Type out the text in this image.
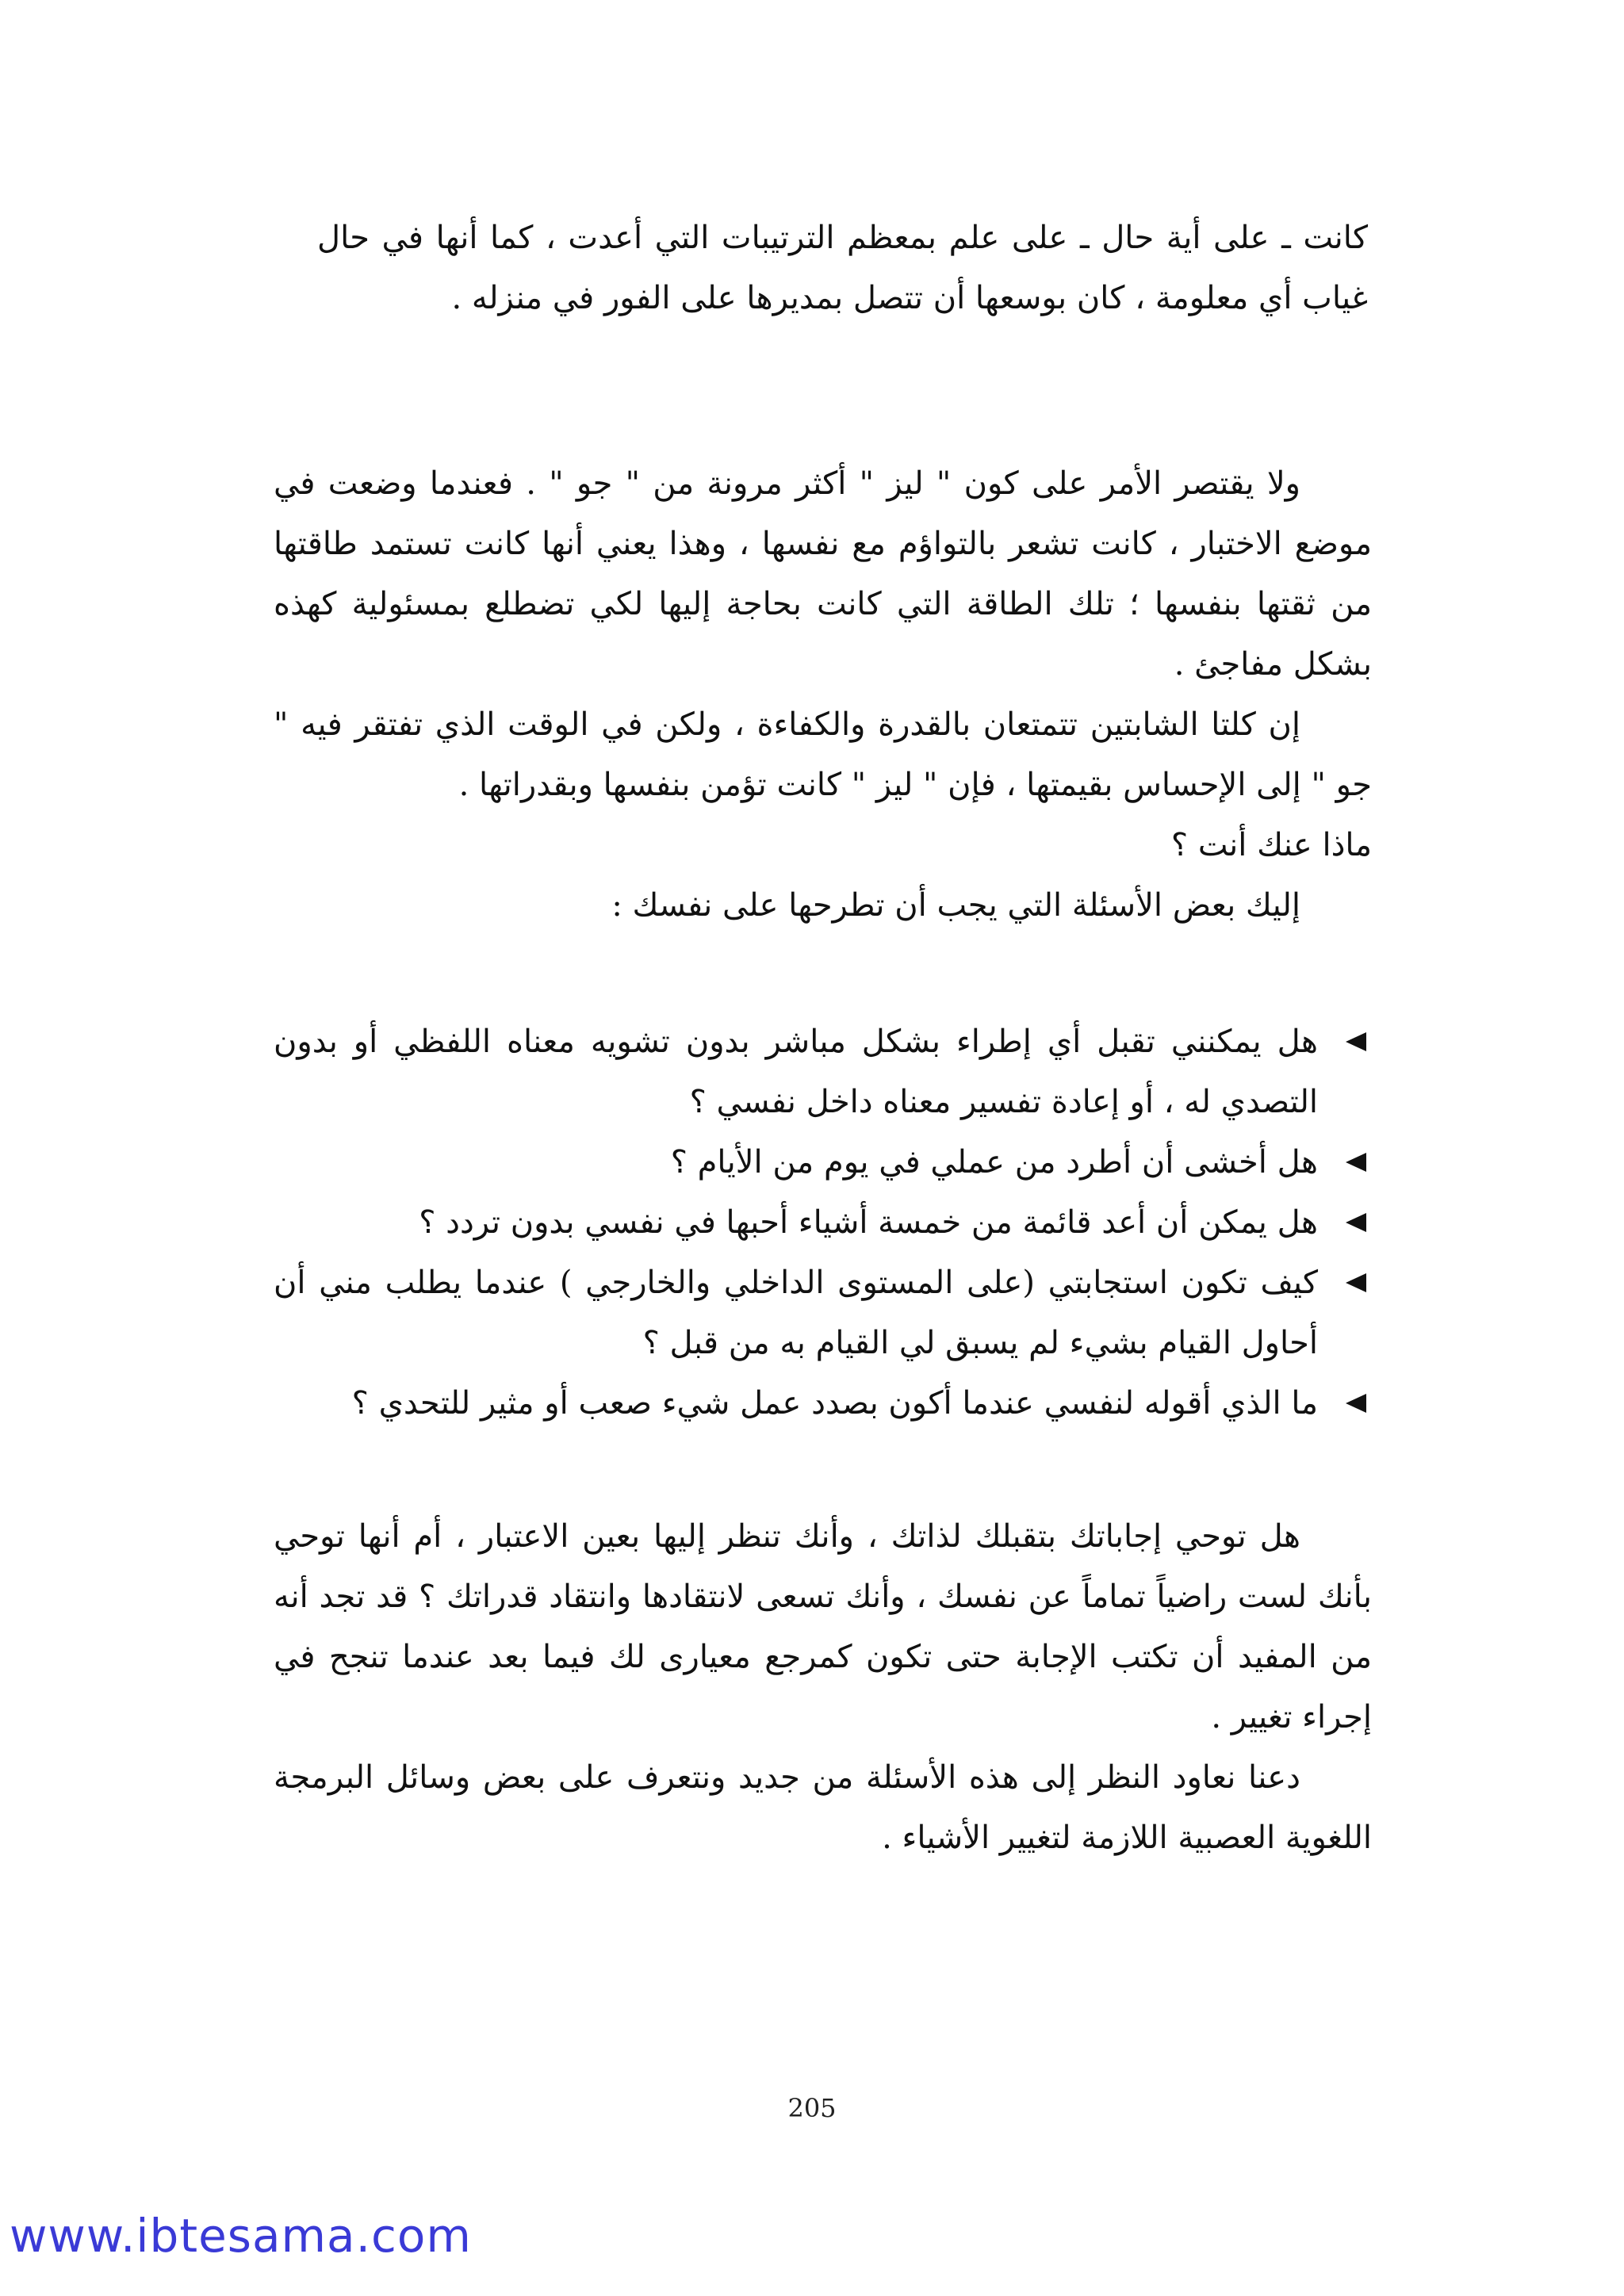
كانت ـ على أية حال ـ على علم بمعظم الترتيبات التي أعدت ، كما أنها في حال غياب أي معلومة ، كان بوسعها أن تتصل بمديرها على الفور في منزله .

ولا يقتصر الأمر على كون " ليز " أكثر مرونة من " جو " . فعندما وضعت في موضع الاختبار ، كانت تشعر بالتواؤم مع نفسها ، وهذا يعني أنها كانت تستمد طاقتها من ثقتها بنفسها ؛ تلك الطاقة التي كانت بحاجة إليها لكي تضطلع بمسئولية كهذه بشكل مفاجئ .

إن كلتا الشابتين تتمتعان بالقدرة والكفاءة ، ولكن في الوقت الذي تفتقر فيه " جو " إلى الإحساس بقيمتها ، فإن " ليز " كانت تؤمن بنفسها وبقدراتها .

ماذا عنك أنت ؟

إليك بعض الأسئلة التي يجب أن تطرحها على نفسك :

هل يمكنني تقبل أي إطراء بشكل مباشر بدون تشويه معناه اللفظي أو بدون التصدي له ، أو إعادة تفسير معناه داخل نفسي ؟
هل أخشى أن أطرد من عملي في يوم من الأيام ؟
هل يمكن أن أعد قائمة من خمسة أشياء أحبها في نفسي بدون تردد ؟
كيف تكون استجابتي (على المستوى الداخلي والخارجي ) عندما يطلب مني أن أحاول القيام بشيء لم يسبق لي القيام به من قبل ؟
ما الذي أقوله لنفسي عندما أكون بصدد عمل شيء صعب أو مثير للتحدي ؟

هل توحي إجاباتك بتقبلك لذاتك ، وأنك تنظر إليها بعين الاعتبار ، أم أنها توحي بأنك لست راضياً تماماً عن نفسك ، وأنك تسعى لانتقادها وانتقاد قدراتك ؟ قد تجد أنه من المفيد أن تكتب الإجابة حتى تكون كمرجع معيارى لك فيما بعد عندما تنجح في إجراء تغيير .

دعنا نعاود النظر إلى هذه الأسئلة من جديد ونتعرف على بعض وسائل البرمجة اللغوية العصبية اللازمة لتغيير الأشياء .

205
www.ibtesama.com
